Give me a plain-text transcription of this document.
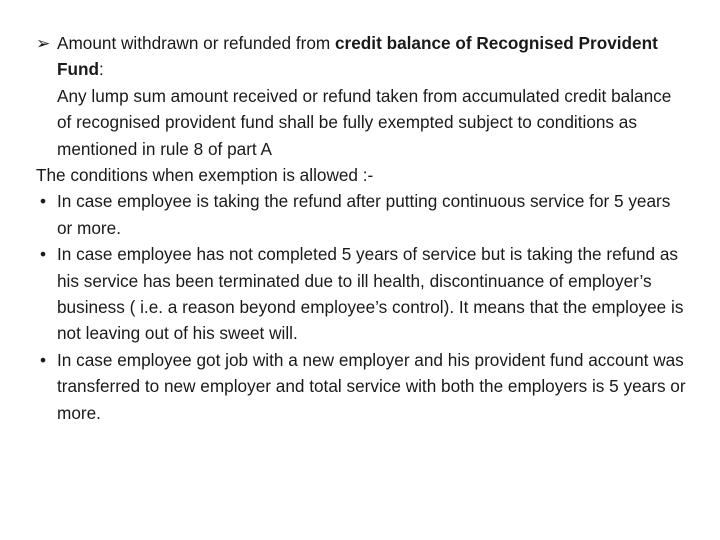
➢ Amount withdrawn or refunded from credit balance of Recognised Provident Fund:
Any lump sum amount received or refund taken from accumulated credit balance of recognised provident fund shall be fully exempted subject to conditions as mentioned in rule 8 of part A
The conditions when exemption is allowed :-
• In case employee is taking the refund after putting continuous service for 5 years or more.
• In case employee has not completed 5 years of service but is taking the refund as his service has been terminated due to ill health, discontinuance of employer’s business ( i.e. a reason beyond employee’s control). It means that the employee is not leaving out of his sweet will.
• In case employee got job with a new employer and his provident fund account was transferred to new employer and total service with both the employers is 5 years or more.
